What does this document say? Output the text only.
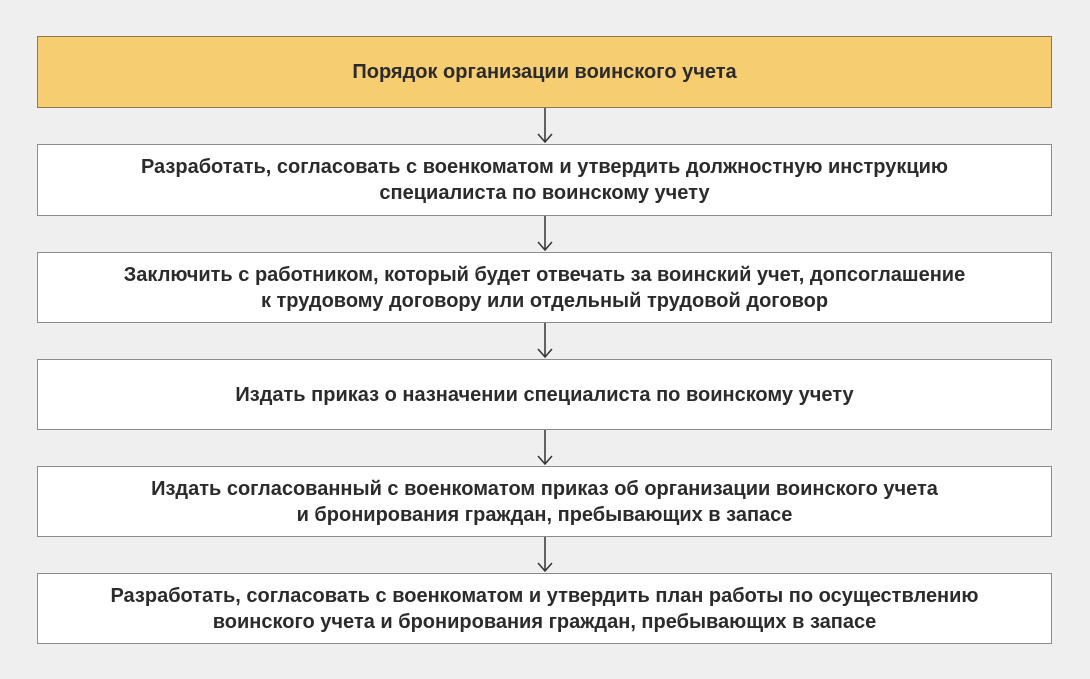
Порядок организации воинского учета
Разработать, согласовать с военкоматом и утвердить должностную инструкцию
специалиста по воинскому учету
Заключить с работником, который будет отвечать за воинский учет, допсоглашение
к трудовому договору или отдельный трудовой договор
Издать приказ о назначении специалиста по воинскому учету
Издать согласованный с военкоматом приказ об организации воинского учета
и бронирования граждан, пребывающих в запасе
Разработать, согласовать с военкоматом и утвердить план работы по осуществлению
воинского учета и бронирования граждан, пребывающих в запасе
